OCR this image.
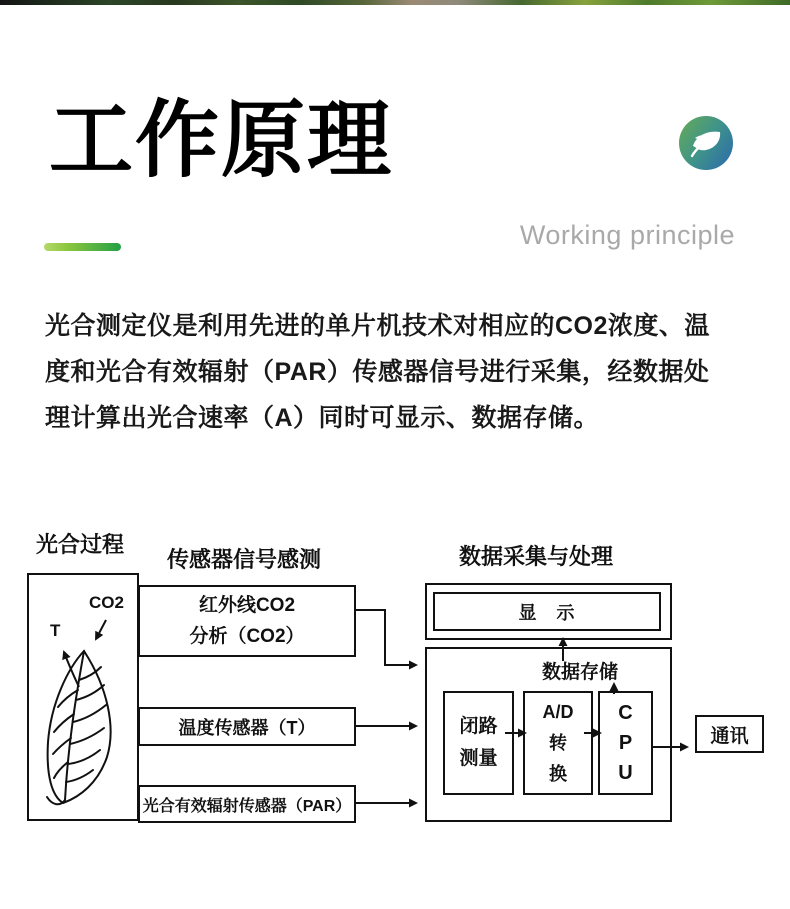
工作原理
Working principle
光合测定仪是利用先进的单片机技术对相应的CO2浓度、温
度和光合有效辐射（PAR）传感器信号进行采集，经数据处
理计算出光合速率（A）同时可显示、数据存储。
光合过程
传感器信号感测	数据采集与处理
数据存储
CO2
T
红外线CO2
分析（CO2）
温度传感器（T）
光合有效辐射传感器（PAR）
显　示
闭路
测量
A/D
转
换
C
P
U
通讯
